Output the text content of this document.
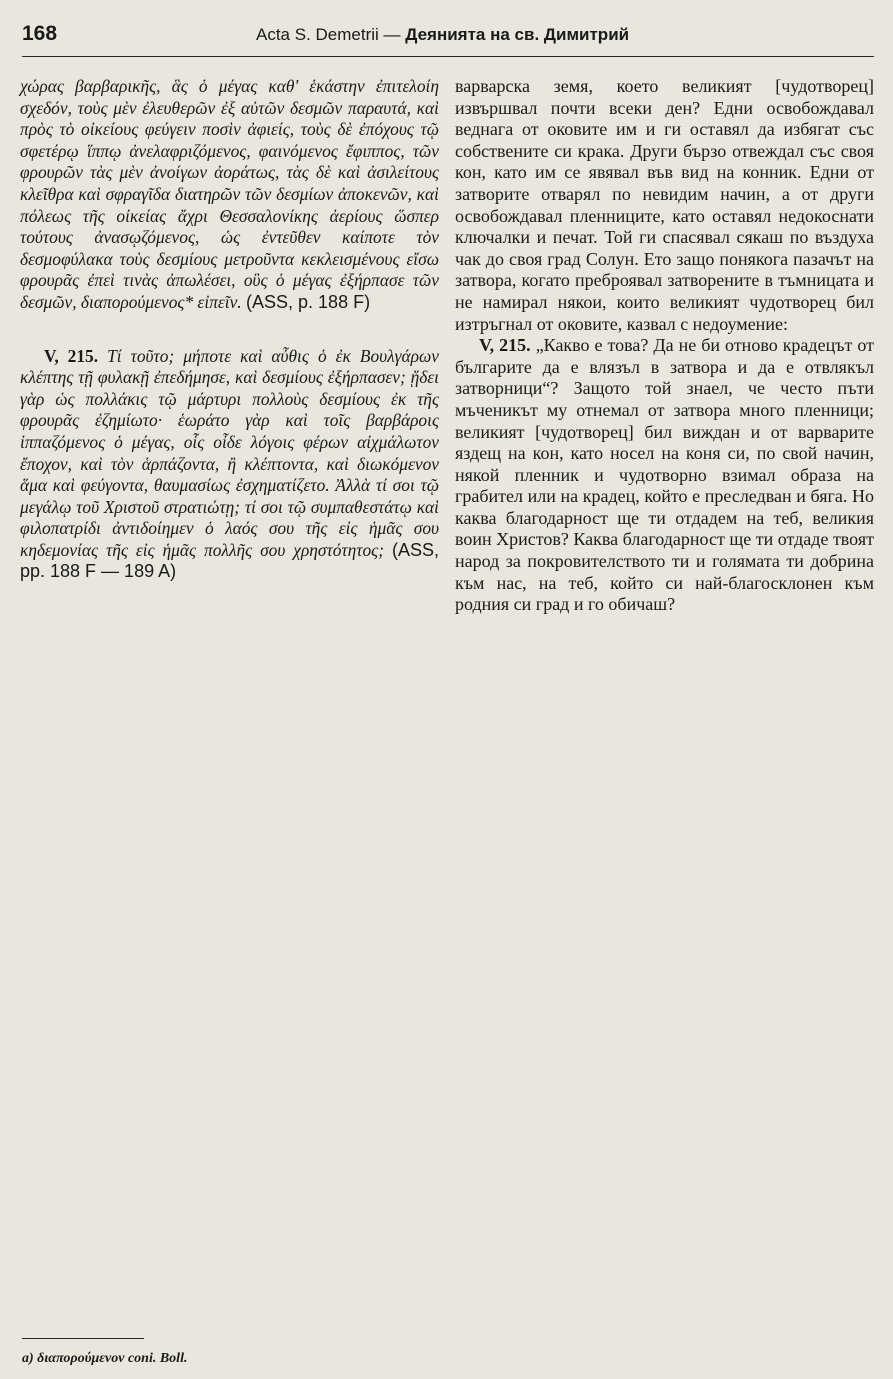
168	Acta S. Demetrii — Деянията на св. Димитрий

χώρας βαρβαρικῆς, ἃς ὁ μέγας καθ' ἑκάστην ἐπιτελοίη σχεδόν, τοὺς μὲν ἐλευθερῶν ἐξ αὐτῶν δεσμῶν παραυτά, καὶ πρὸς τὸ οἰκείους φεύγειν ποσὶν ἀφιείς, τοὺς δὲ ἐπόχους τῷ σφετέρῳ ἵππῳ ἀνελαφριζόμενος, φαινόμενος ἔφιππος, τῶν φρουρῶν τὰς μὲν ἀνοίγων ἀοράτως, τὰς δὲ καὶ ἀσιλείτους κλεῖθρα καὶ σφραγῖδα διατηρῶν τῶν δεσμίων ἀποκενῶν, καὶ πόλεως τῆς οἰκείας ἄχρι Θεσσαλονίκης ἀερίους ὥσπερ τούτους ἀνασῳζόμενος, ὡς ἐντεῦθεν καίποτε τὸν δεσμοφύλακα τοὺς δεσμίους μετροῦντα κεκλεισμένους εἴσω φρουρᾶς ἐπεὶ τινὰς ἀπωλέσει, οὓς ὁ μέγας ἐξήρπασε τῶν δεσμῶν, διαπορούμενος* εἰπεῖν. (ASS, p. 188 F)

V, 215. Τί τοῦτο; μήποτε καὶ αὖθις ὁ ἐκ Βουλγάρων κλέπτης τῇ φυλακῇ ἐπεδήμησε, καὶ δεσμίους ἐξήρπασεν; ᾔδει γὰρ ὡς πολλάκις τῷ μάρτυρι πολλοὺς δεσμίους ἐκ τῆς φρουρᾶς ἐζημίωτο· ἑωράτο γὰρ καὶ τοῖς βαρβάροις ἱππαζόμενος ὁ μέγας, οἷς οἶδε λόγοις φέρων αἰχμάλωτον ἔποχον, καὶ τὸν ἁρπάζοντα, ἢ κλέπτοντα, καὶ διωκόμενον ἅμα καὶ φεύγοντα, θαυμασίως ἐσχηματίζετο. Ἀλλὰ τί σοι τῷ μεγάλῳ τοῦ Χριστοῦ στρατιώτῃ; τί σοι τῷ συμπαθεστάτῳ καὶ φιλοπατρίδι ἀντιδοίημεν ὁ λαός σου τῆς εἰς ἡμᾶς σου κηδεμονίας τῆς εἰς ἡμᾶς πολλῆς σου χρηστότητος; (ASS, pp. 188 F — 189 A)

варварска земя, което великият [чудотворец] извършвал почти всеки ден? Едни освобождавал веднага от оковите им и ги оставял да избягат със собствените си крака. Други бързо отвеждал със своя кон, като им се явявал във вид на конник. Едни от затворите отварял по невидим начин, а от други освобождавал пленниците, като оставял недокоснати ключалки и печат. Той ги спасявал сякаш по въздуха чак до своя град Солун. Ето защо понякога пазачът на затвора, когато преброявал затворените в тъмницата и не намирал някои, които великият чудотворец бил изтръгнал от оковите, казвал с недоумение:

V, 215. „Какво е това? Да не би отново крадецът от българите да е влязъл в затвора и да е отвлякъл затворници“? Защото той знаел, че често пъти мъченикът му отнемал от затвора много пленници; великият [чудотворец] бил виждан и от варварите яздещ на кон, като носел на коня си, по свой начин, някой пленник и чудотворно взимал образа на грабител или на крадец, който е преследван и бяга. Но каква благодарност ще ти отдадем на теб, великия воин Христов? Каква благодарност ще ти отдаде твоят народ за покровителството ти и голямата ти добрина към нас, на теб, който си най-благосклонен към родния си град и го обичаш?

a) διαπορούμενον coni. Boll.
